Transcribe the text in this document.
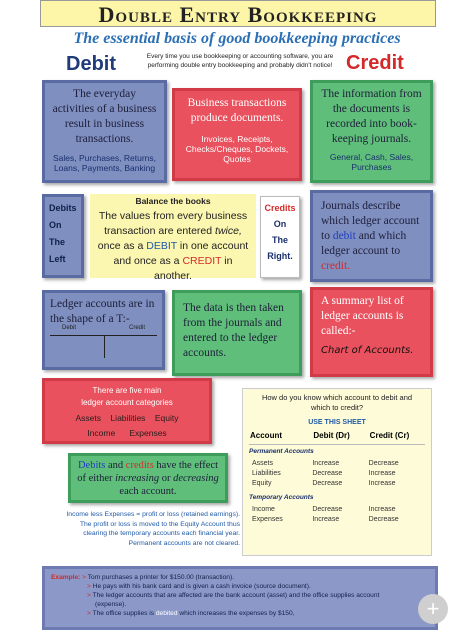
Double Entry Bookkeeping
The essential basis of good bookkeeping practices
Debit	Every time you use bookkeeping or accounting software, you are performing double entry bookkeeping and probably didn't notice! Credit
The everyday activities of a business result in business transactions.
Sales, Purchases, Returns, Loans, Payments, Banking
Business transactions produce documents.
Invoices, Receipts, Checks/Cheques, Dockets, Quotes
The information from the documents is recorded into book-keeping journals.
General, Cash, Sales, Purchases
Debits
On
The
Left
Balance the books
The values from every business transaction are entered twice, once as a DEBIT in one account and once as a CREDIT in another.
Credits
On
The
Right.
Journals describe which ledger account to debit and which ledger account to credit.
Ledger accounts are in the shape of a T:-
Debit	Credit
The data is then taken from the journals and entered to the ledger accounts.
A summary list of ledger accounts is called:-
Chart of Accounts.
There are five main
ledger account categories
Assets Liabilities Equity
Income Expenses
Debits and credits have the effect of either increasing or decreasing each account.
Income less Expenses = profit or loss (retained earnings).
The profit or loss is moved to the Equity Account thus
clearing the temporary accounts each financial year.
Permanent accounts are not cleared.
How do you know which account to debit and
which to credit?
USE THIS SHEET
Account	Debit (Dr)	Credit (Cr)
Permanent Accounts
Assets	Increase	Decrease
Liabilities	Decrease	Increase
Equity	Decrease	Increase
Temporary Accounts
Income	Decrease	Increase
Expenses	Increase	Decrease
Example: > Tom purchases a printer for $150.00 (transaction).
> He pays with his bank card and is given a cash invoice (source document).
> The ledger accounts that are affected are the bank account (asset) and the office supplies account
(expense).
> The office supplies is debited which increases the expenses by $150,	+
